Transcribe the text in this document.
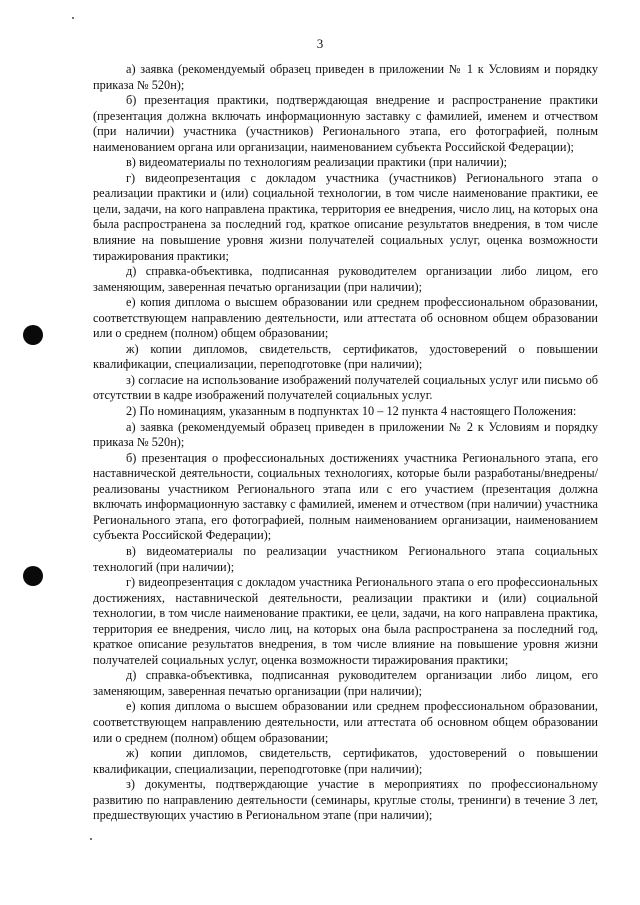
3

а) заявка (рекомендуемый образец приведен в приложении № 1 к Условиям и порядку приказа № 520н);

б) презентация практики, подтверждающая внедрение и распространение практики (презентация должна включать информационную заставку с фамилией, именем и отчеством (при наличии) участника (участников) Регионального этапа, его фотографией, полным наименованием органа или организации, наименованием субъекта Российской Федерации);

в) видеоматериалы по технологиям реализации практики (при наличии);

г) видеопрезентация с докладом участника (участников) Регионального этапа о реализации практики и (или) социальной технологии, в том числе наименование практики, ее цели, задачи, на кого направлена практика, территория ее внедрения, число лиц, на которых она была распространена за последний год, краткое описание результатов внедрения, в том числе влияние на повышение уровня жизни получателей социальных услуг, оценка возможности тиражирования практики;

д) справка-объективка, подписанная руководителем организации либо лицом, его заменяющим, заверенная печатью организации (при наличии);

е) копия диплома о высшем образовании или среднем профессиональном образовании, соответствующем направлению деятельности, или аттестата об основном общем образовании или о среднем (полном) общем образовании;

ж) копии дипломов, свидетельств, сертификатов, удостоверений о повышении квалификации, специализации, переподготовке (при наличии);

з) согласие на использование изображений получателей социальных услуг или письмо об отсутствии в кадре изображений получателей социальных услуг.

2) По номинациям, указанным в подпунктах 10 – 12 пункта 4 настоящего Положения:

а) заявка (рекомендуемый образец приведен в приложении № 2 к Условиям и порядку приказа № 520н);

б) презентация о профессиональных достижениях участника Регионального этапа, его наставнической деятельности, социальных технологиях, которые были разработаны/внедрены/реализованы участником Регионального этапа или с его участием (презентация должна включать информационную заставку с фамилией, именем и отчеством (при наличии) участника Регионального этапа, его фотографией, полным наименованием организации, наименованием субъекта Российской Федерации);

в) видеоматериалы по реализации участником Регионального этапа социальных технологий (при наличии);

г) видеопрезентация с докладом участника Регионального этапа о его профессиональных достижениях, наставнической деятельности, реализации практики и (или) социальной технологии, в том числе наименование практики, ее цели, задачи, на кого направлена практика, территория ее внедрения, число лиц, на которых она была распространена за последний год, краткое описание результатов внедрения, в том числе влияние на повышение уровня жизни получателей социальных услуг, оценка возможности тиражирования практики;

д) справка-объективка, подписанная руководителем организации либо лицом, его заменяющим, заверенная печатью организации (при наличии);

е) копия диплома о высшем образовании или среднем профессиональном образовании, соответствующем направлению деятельности, или аттестата об основном общем образовании или о среднем (полном) общем образовании;

ж) копии дипломов, свидетельств, сертификатов, удостоверений о повышении квалификации, специализации, переподготовке (при наличии);

з) документы, подтверждающие участие в мероприятиях по профессиональному развитию по направлению деятельности (семинары, круглые столы, тренинги) в течение 3 лет, предшествующих участию в Региональном этапе (при наличии);
